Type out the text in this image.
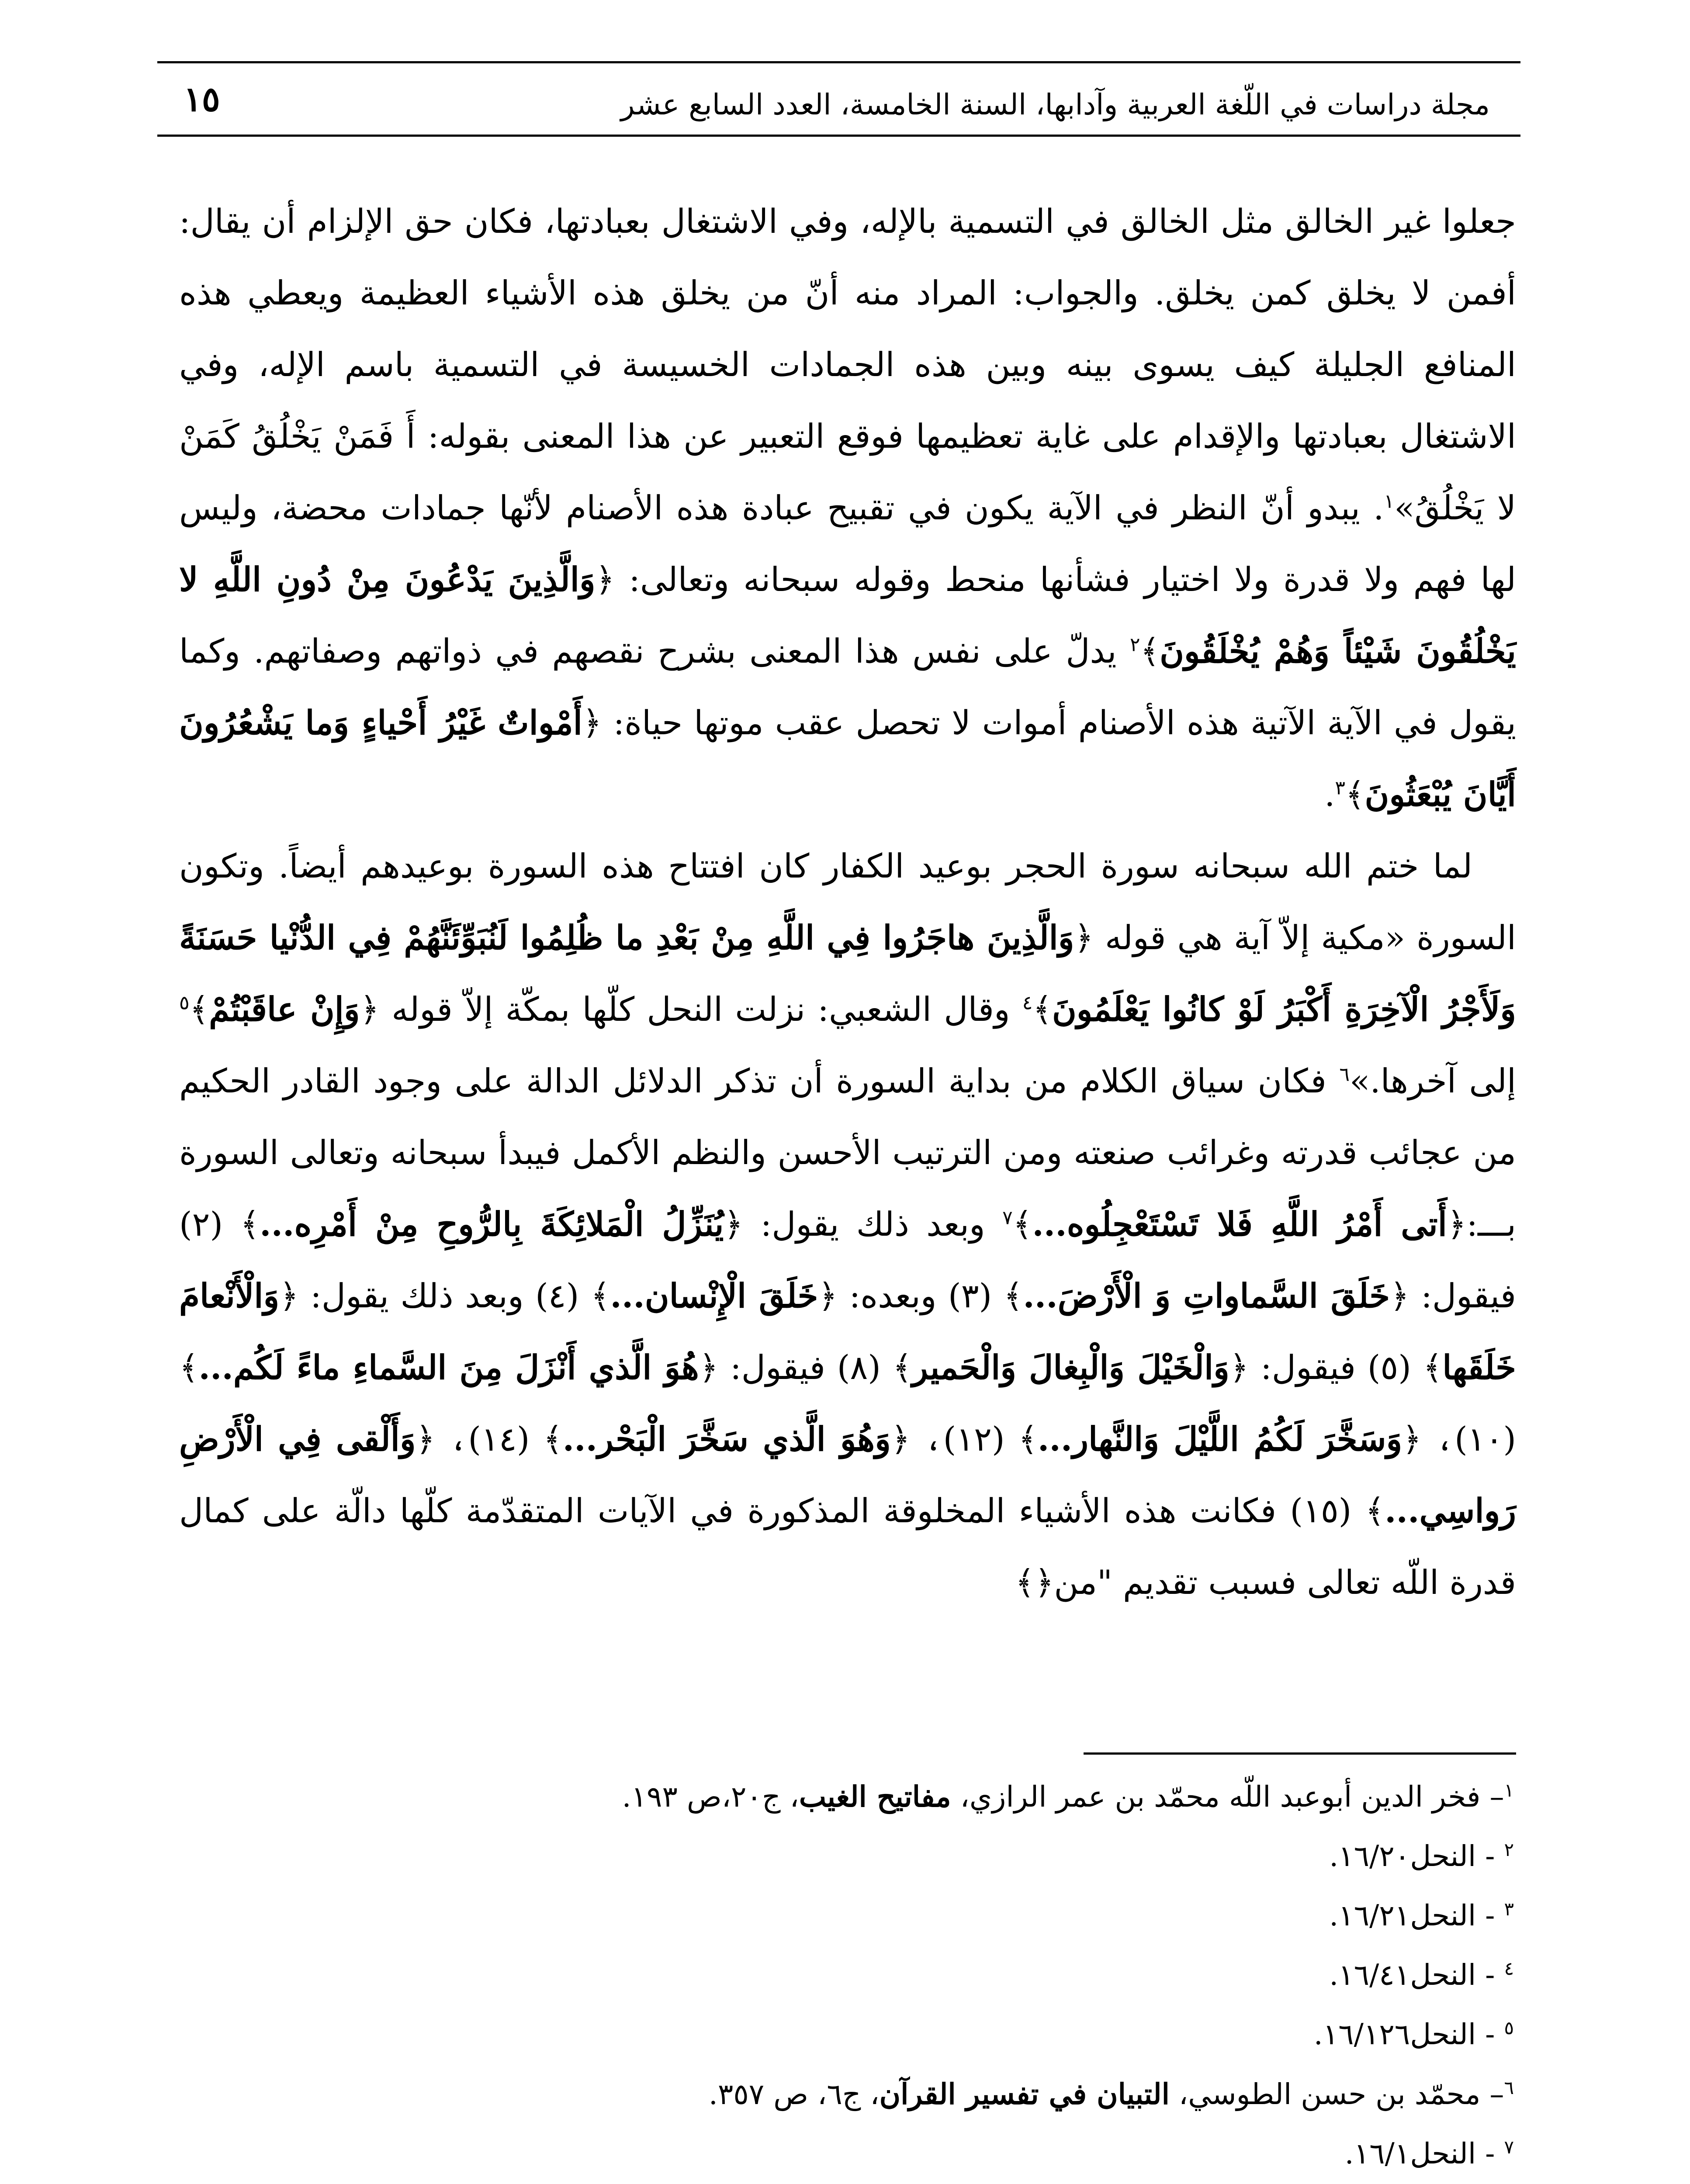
مجلة دراسات في اللّغة العربية وآدابها، السنة الخامسة، العدد السابع عشر
١٥

جعلوا غير الخالق مثل الخالق في التسمية بالإله، وفي الاشتغال بعبادتها، فكان حق الإلزام أن يقال: أفمن لا يخلق كمن يخلق. والجواب: المراد منه أنّ من يخلق هذه الأشياء العظيمة ويعطي هذه المنافع الجليلة كيف يسوى بينه وبين هذه الجمادات الخسيسة في التسمية باسم الإله، وفي الاشتغال بعبادتها والإقدام على غاية تعظيمها فوقع التعبير عن هذا المعنى بقوله: أَ فَمَنْ يَخْلُقُ كَمَنْ لا يَخْلُقُ»$^١$. يبدو أنّ النظر في الآية يكون في تقبيح عبادة هذه الأصنام لأنّها جمادات محضة، وليس لها فهم ولا قدرة ولا اختيار فشأنها منحط وقوله سبحانه وتعالى: ﴿وَالَّذِينَ يَدْعُونَ مِنْ دُونِ اللَّهِ لا يَخْلُقُونَ شَيْئاً وَهُمْ يُخْلَقُونَ﴾$^٢$ يدلّ على نفس هذا المعنى بشرح نقصهم في ذواتهم وصفاتهم. وكما يقول في الآية الآتية هذه الأصنام أموات لا تحصل عقب موتها حياة: ﴿أَمْواتٌ غَيْرُ أَحْياءٍ وَما يَشْعُرُونَ أَيَّانَ يُبْعَثُونَ﴾$^٣$.

لما ختم الله سبحانه سورة الحجر بوعيد الكفار كان افتتاح هذه السورة بوعيدهم أيضاً. وتكون السورة «مكية إلاّ آية هي قوله ﴿وَالَّذِينَ هاجَرُوا فِي اللَّهِ مِنْ بَعْدِ ما ظُلِمُوا لَنُبَوِّئَنَّهُمْ فِي الدُّنْيا حَسَنَةً وَلَأَجْرُ الْآخِرَةِ أَكْبَرُ لَوْ كانُوا يَعْلَمُونَ﴾$^٤$ وقال الشعبي: نزلت النحل كلّها بمكّة إلاّ قوله ﴿وَإِنْ عاقَبْتُمْ﴾$^٥$ إلى آخرها.»$^٦$ فكان سياق الكلام من بداية السورة أن تذكر الدلائل الدالة على وجود القادر الحكيم من عجائب قدرته وغرائب صنعته ومن الترتيب الأحسن والنظم الأكمل فيبدأ سبحانه وتعالى السورة بـــ:﴿أَتى أَمْرُ اللَّهِ فَلا تَسْتَعْجِلُوه...﴾$^٧$ وبعد ذلك يقول: ﴿يُنَزِّلُ الْمَلائِكَةَ بِالرُّوحِ مِنْ أَمْرِه...﴾ (٢) فيقول: ﴿خَلَقَ السَّماواتِ وَ الْأَرْضَ...﴾ (٣) وبعده: ﴿خَلَقَ الْإِنْسان...﴾ (٤) وبعد ذلك يقول: ﴿وَالْأَنْعامَ خَلَقَها﴾ (٥) فيقول: ﴿وَالْخَيْلَ وَالْبِغالَ وَالْحَمير﴾ (٨) فيقول: ﴿هُوَ الَّذي أَنْزَلَ مِنَ السَّماءِ ماءً لَكُم...﴾ (١٠)، ﴿وَسَخَّرَ لَكُمُ اللَّيْلَ وَالنَّهار...﴾ (١٢)، ﴿وَهُوَ الَّذي سَخَّرَ الْبَحْر...﴾ (١٤)، ﴿وَأَلْقى فِي الْأَرْضِ رَواسِي...﴾ (١٥) فكانت هذه الأشياء المخلوقة المذكورة في الآيات المتقدّمة كلّها دالّة على كمال قدرة اللّه تعالى فسبب تقديم "من﴿﴾

$^١$– فخر الدين أبوعبد اللّه محمّد بن عمر الرازي، مفاتيح الغيب، ج٢٠،ص ١٩٣.
$^٢$ - النحل١٦/٢٠.
$^٣$ - النحل١٦/٢١.
$^٤$ - النحل١٦/٤١.
$^٥$ - النحل١٦/١٢٦.
$^٦$– محمّد بن حسن الطوسي، التبيان في تفسير القرآن، ج٦، ص ٣٥٧.
$^٧$ - النحل١٦/١.
